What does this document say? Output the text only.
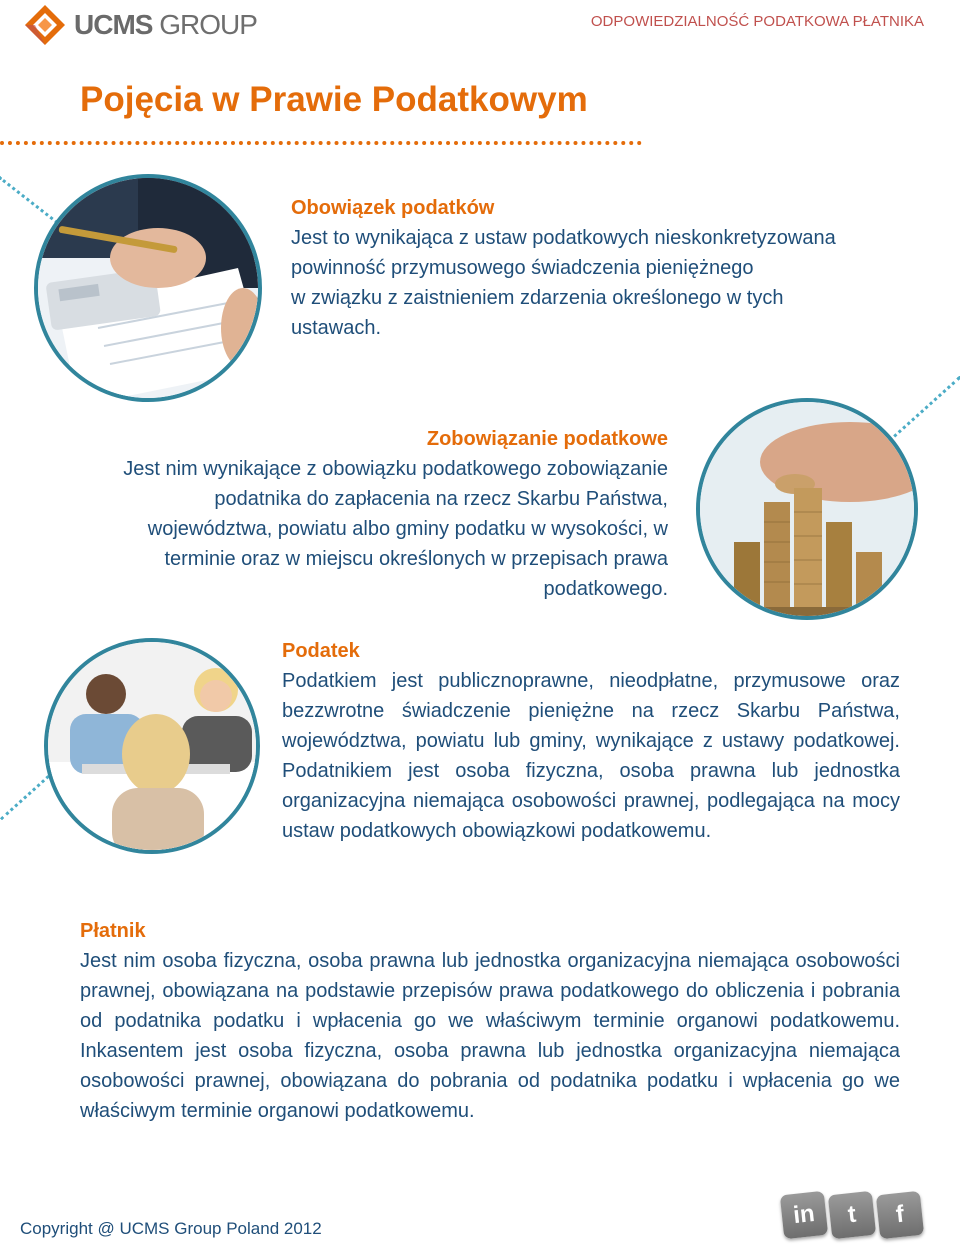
UCMS GROUP	ODPOWIEDZIALNOŚĆ PODATKOWA PŁATNIKA
Pojęcia w Prawie Podatkowym
Obowiązek podatków
Jest to wynikająca z ustaw podatkowych nieskonkretyzowana
powinność przymusowego świadczenia pieniężnego
w związku z zaistnieniem zdarzenia określonego w tych
ustawach.
Zobowiązanie podatkowe
Jest nim wynikające z obowiązku podatkowego zobowiązanie
podatnika do zapłacenia na rzecz Skarbu Państwa,
województwa, powiatu albo gminy podatku w wysokości, w
terminie oraz w miejscu określonych w przepisach prawa
podatkowego.
Podatek
Podatkiem jest publicznoprawne, nieodpłatne, przymusowe oraz bezzwrotne świadczenie pieniężne na rzecz Skarbu Państwa, województwa, powiatu lub gminy, wynikające z ustawy podatkowej. Podatnikiem jest osoba fizyczna, osoba prawna lub jednostka organizacyjna niemająca osobowości prawnej, podlegająca na mocy ustaw podatkowych obowiązkowi podatkowemu.
Płatnik
Jest nim osoba fizyczna, osoba prawna lub jednostka organizacyjna niemająca osobowości prawnej, obowiązana na podstawie przepisów prawa podatkowego do obliczenia i pobrania od podatnika podatku i wpłacenia go we właściwym terminie organowi podatkowemu. Inkasentem jest osoba fizyczna, osoba prawna lub jednostka organizacyjna niemająca osobowości prawnej, obowiązana do pobrania od podatnika podatku i wpłacenia go we właściwym terminie organowi podatkowemu.
Copyright @ UCMS Group Poland 2012	in	t	f
